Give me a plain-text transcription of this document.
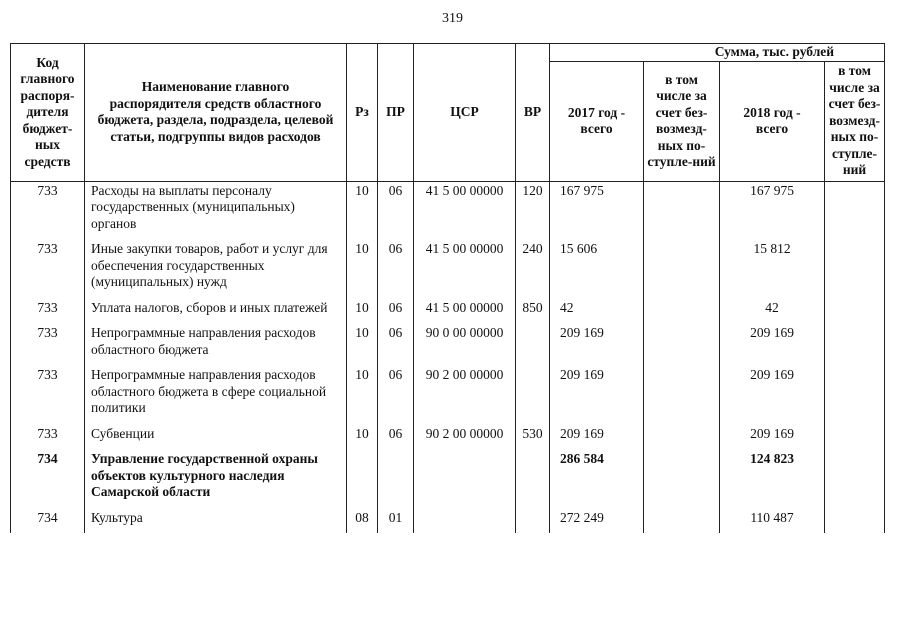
319
Код главного распоря-дителя бюджет-ных средств	Наименование главного распорядителя средств областного бюджета, раздела, подраздела, целевой статьи, подгруппы видов расходов	Рз	ПР	ЦСР	ВР	Сумма, тыс. рублей			
						2017 год - всего	в том числе за счет без-возмезд-ных по-ступле-ний	2018 год - всего	в том числе за счет без-возмезд-ных по-ступле-ний
733	Расходы на выплаты персоналу государственных (муниципальных) органов	10	06	41 5 00 00000	120	167 975		167 975	
733	Иные закупки товаров, работ и услуг для обеспечения государственных (муниципальных) нужд	10	06	41 5 00 00000	240	15 606		15 812	
733	Уплата налогов, сборов и иных платежей	10	06	41 5 00 00000	850	42		42	
733	Непрограммные направления расходов областного бюджета	10	06	90 0 00 00000		209 169		209 169	
733	Непрограммные направления расходов областного бюджета в сфере социальной политики	10	06	90 2 00 00000		209 169		209 169	
733	Субвенции	10	06	90 2 00 00000	530	209 169		209 169	
734	Управление государственной охраны объектов культурного наследия Самарской области					286 584		124 823	
734	Культура	08	01			272 249		110 487	
